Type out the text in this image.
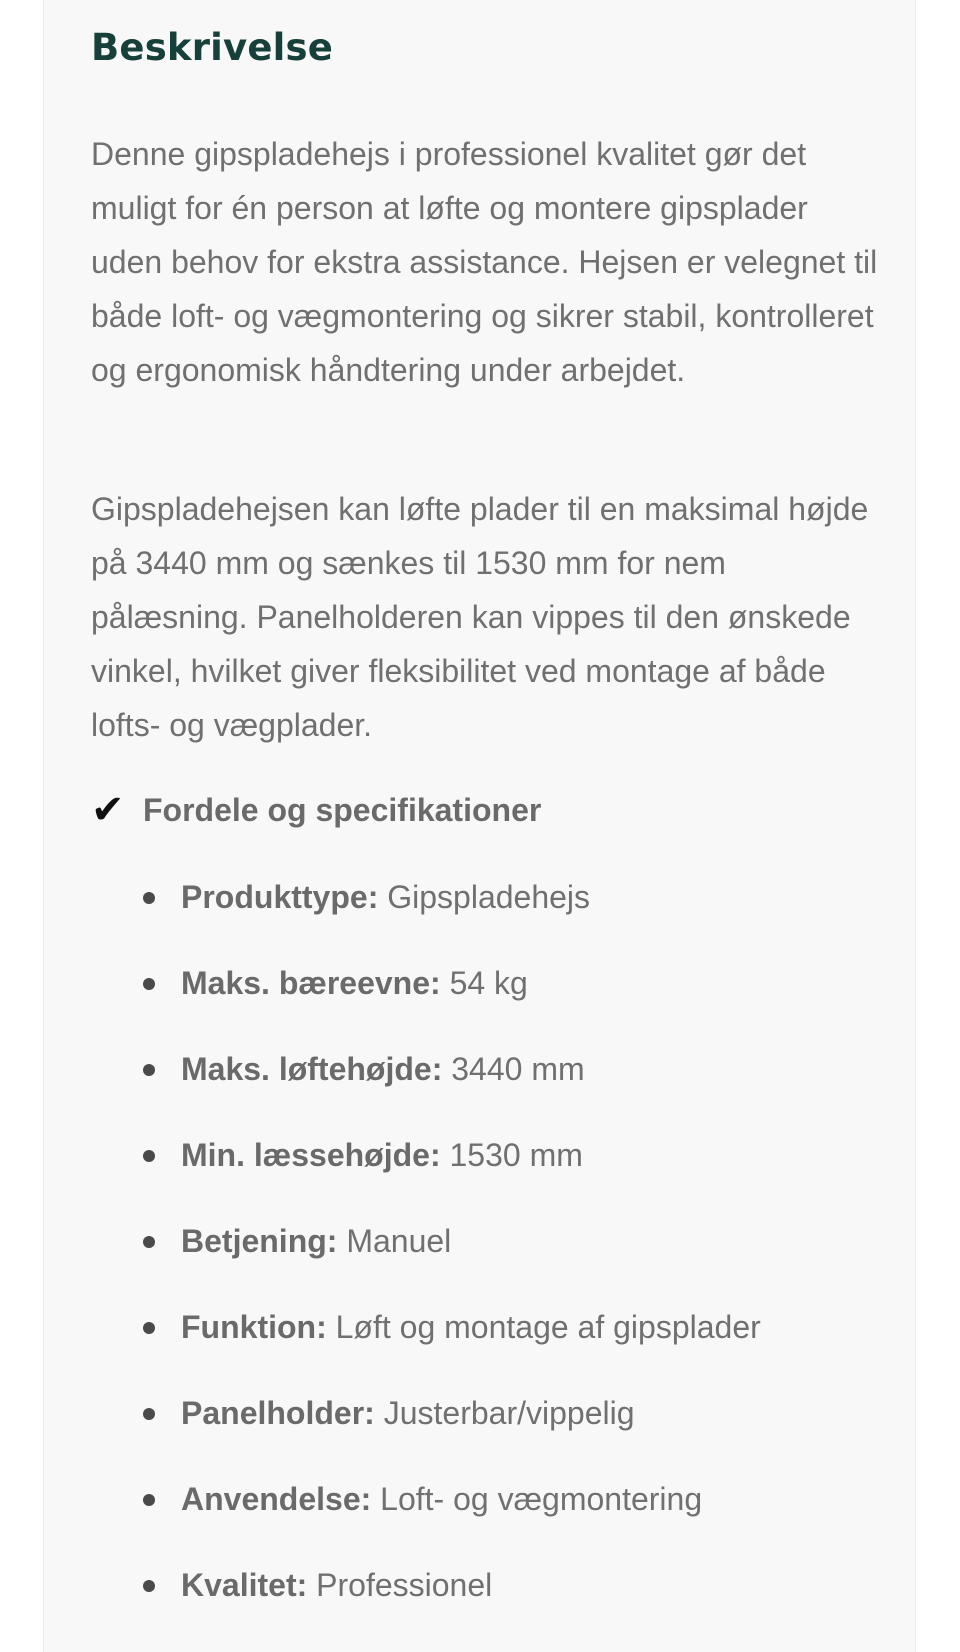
Beskrivelse

Denne gipspladehejs i professionel kvalitet gør det muligt for én person at løfte og montere gipsplader uden behov for ekstra assistance. Hejsen er velegnet til både loft- og vægmontering og sikrer stabil, kontrolleret og ergonomisk håndtering under arbejdet.

Gipspladehejsen kan løfte plader til en maksimal højde på 3440 mm og sænkes til 1530 mm for nem pålæsning. Panelholderen kan vippes til den ønskede vinkel, hvilket giver fleksibilitet ved montage af både lofts- og vægplader.

✔ Fordele og specifikationer
Produkttype: Gipspladehejs
Maks. bæreevne: 54 kg
Maks. løftehøjde: 3440 mm
Min. læssehøjde: 1530 mm
Betjening: Manuel
Funktion: Løft og montage af gipsplader
Panelholder: Justerbar/vippelig
Anvendelse: Loft- og vægmontering
Kvalitet: Professionel
